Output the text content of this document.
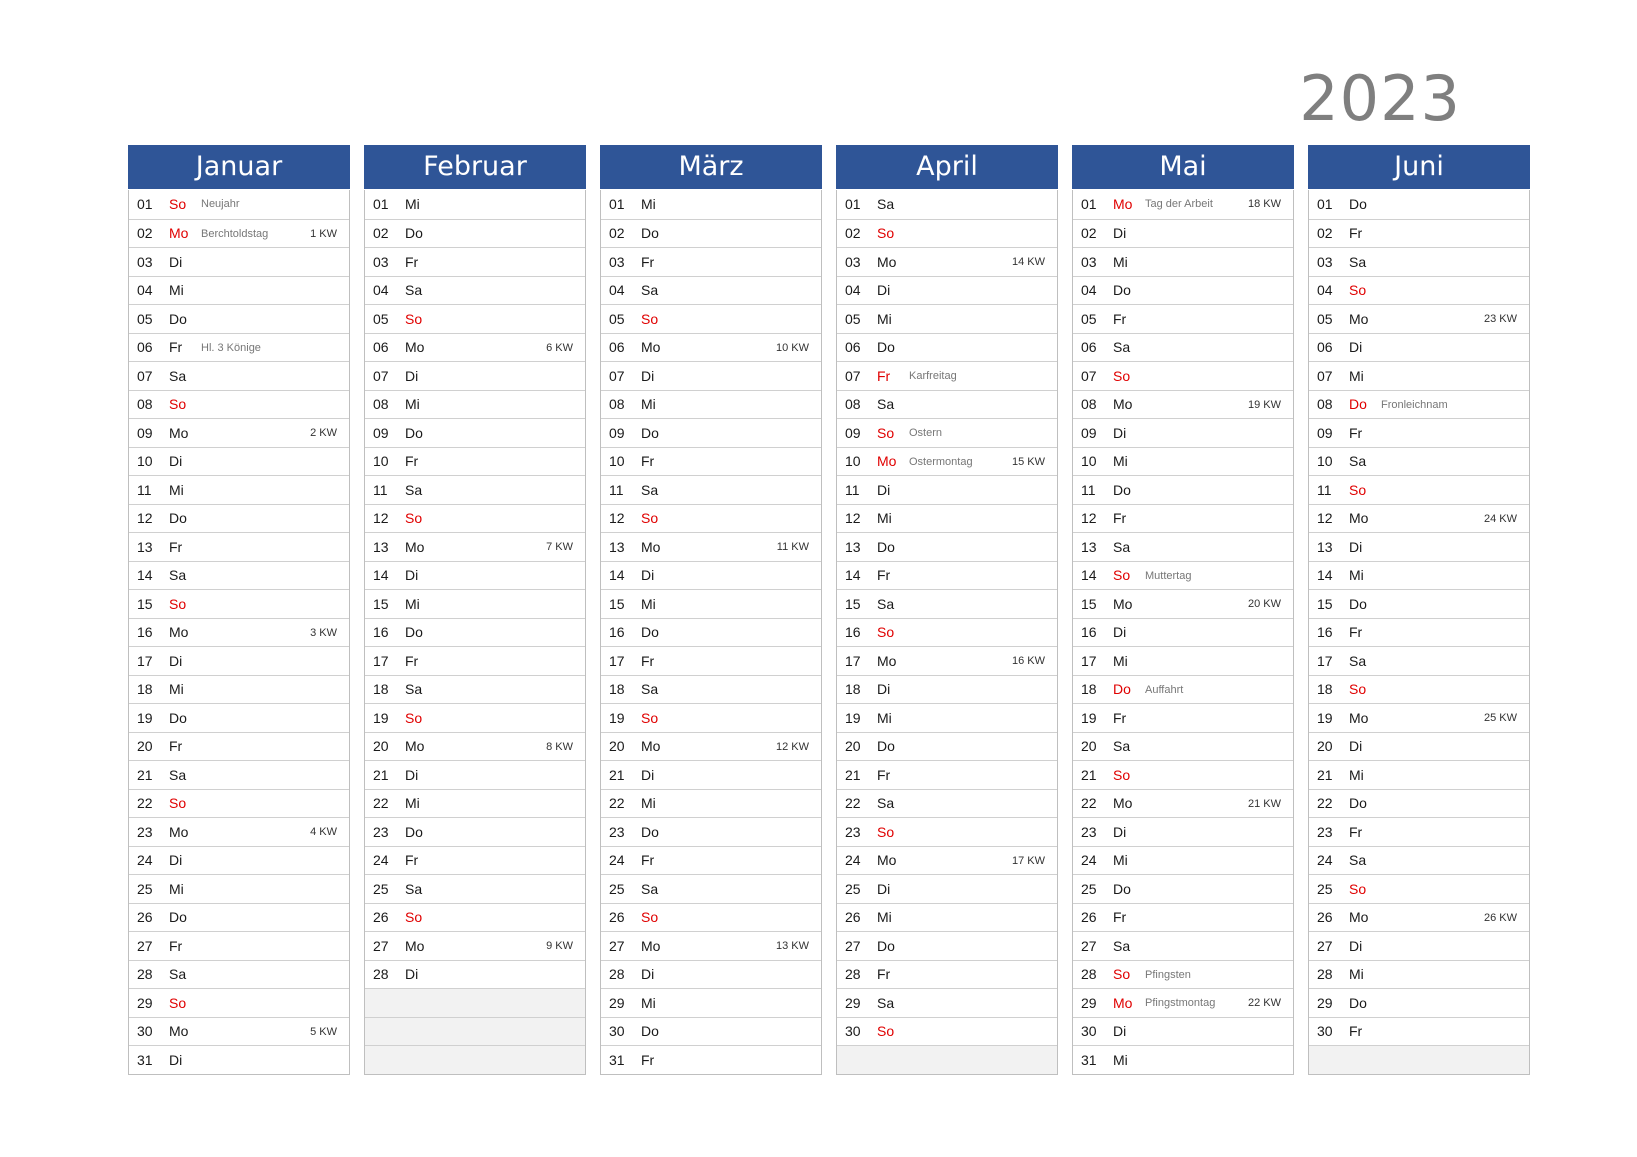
2023
Januar
01	So	Neujahr
02	Mo	Berchtoldstag	1 KW
03	Di
04	Mi
05	Do
06	Fr	Hl. 3 Könige
07	Sa
08	So
09	Mo	2 KW
10	Di
11	Mi
12	Do
13	Fr
14	Sa
15	So
16	Mo	3 KW
17	Di
18	Mi
19	Do
20	Fr
21	Sa
22	So
23	Mo	4 KW
24	Di
25	Mi
26	Do
27	Fr
28	Sa
29	So
30	Mo	5 KW
31	Di
Februar
01	Mi
02	Do
03	Fr
04	Sa
05	So
06	Mo	6 KW
07	Di
08	Mi
09	Do
10	Fr
11	Sa
12	So
13	Mo	7 KW
14	Di
15	Mi
16	Do
17	Fr
18	Sa
19	So
20	Mo	8 KW
21	Di
22	Mi
23	Do
24	Fr
25	Sa
26	So
27	Mo	9 KW
28	Di
März
01	Mi
02	Do
03	Fr
04	Sa
05	So
06	Mo	10 KW
07	Di
08	Mi
09	Do
10	Fr
11	Sa
12	So
13	Mo	11 KW
14	Di
15	Mi
16	Do
17	Fr
18	Sa
19	So
20	Mo	12 KW
21	Di
22	Mi
23	Do
24	Fr
25	Sa
26	So
27	Mo	13 KW
28	Di
29	Mi
30	Do
31	Fr
April
01	Sa
02	So
03	Mo	14 KW
04	Di
05	Mi
06	Do
07	Fr	Karfreitag
08	Sa
09	So	Ostern
10	Mo	Ostermontag	15 KW
11	Di
12	Mi
13	Do
14	Fr
15	Sa
16	So
17	Mo	16 KW
18	Di
19	Mi
20	Do
21	Fr
22	Sa
23	So
24	Mo	17 KW
25	Di
26	Mi
27	Do
28	Fr
29	Sa
30	So
Mai
01	Mo	Tag der Arbeit	18 KW
02	Di
03	Mi
04	Do
05	Fr
06	Sa
07	So
08	Mo	19 KW
09	Di
10	Mi
11	Do
12	Fr
13	Sa
14	So	Muttertag
15	Mo	20 KW
16	Di
17	Mi
18	Do	Auffahrt
19	Fr
20	Sa
21	So
22	Mo	21 KW
23	Di
24	Mi
25	Do
26	Fr
27	Sa
28	So	Pfingsten
29	Mo	Pfingstmontag	22 KW
30	Di
31	Mi
Juni
01	Do
02	Fr
03	Sa
04	So
05	Mo	23 KW
06	Di
07	Mi
08	Do	Fronleichnam
09	Fr
10	Sa
11	So
12	Mo	24 KW
13	Di
14	Mi
15	Do
16	Fr
17	Sa
18	So
19	Mo	25 KW
20	Di
21	Mi
22	Do
23	Fr
24	Sa
25	So
26	Mo	26 KW
27	Di
28	Mi
29	Do
30	Fr
